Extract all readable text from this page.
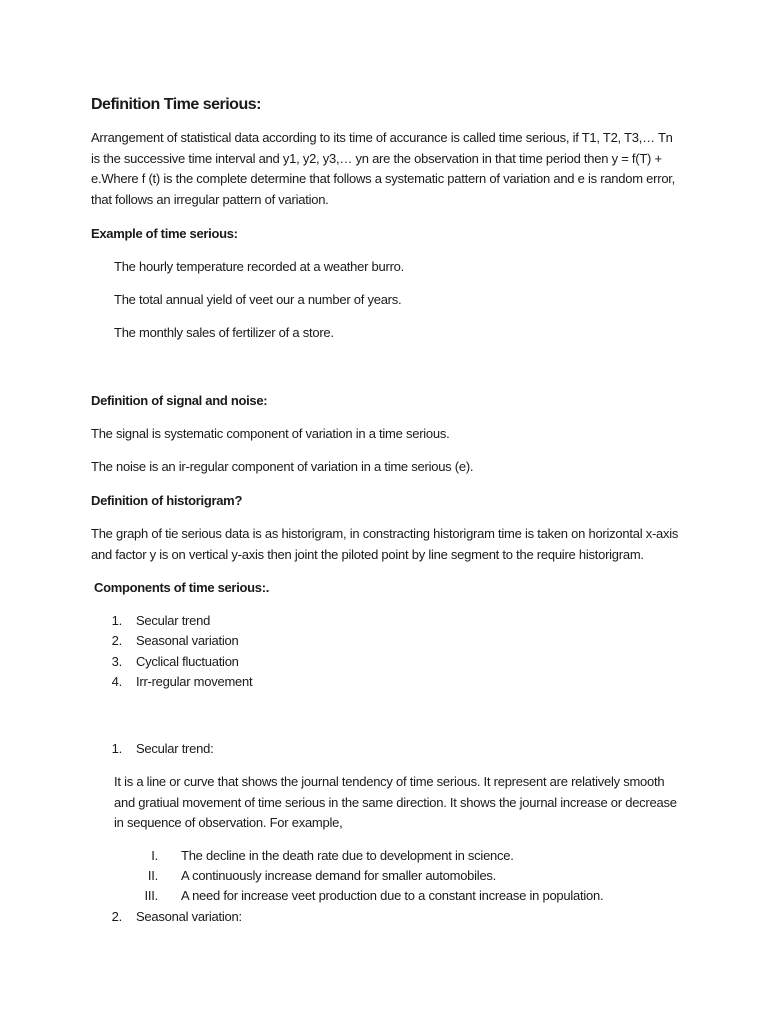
Definition Time serious:
Arrangement of statistical data according to its time of accurance is called time serious, if T1, T2, T3,… Tn
is the successive time interval and y1, y2, y3,… yn are the observation in that time period then y = f(T) +
e.Where f (t) is the complete determine that follows a systematic pattern of variation and e is random error,
that follows an irregular pattern of variation.
Example of time serious:
The hourly temperature recorded at a weather burro.
The total annual yield of veet our a number of years.
The monthly sales of fertilizer of a store.
Definition of signal and noise:
The signal is systematic component of variation in a time serious.
The noise is an ir-regular component of variation in a time serious (e).
Definition of historigram?
The graph of tie serious data is as historigram, in constracting historigram time is taken on horizontal x-axis
and factor y is on vertical y-axis then joint the piloted point by line segment to the require historigram.
Components of time serious:.
1. Secular trend
2. Seasonal variation
3. Cyclical fluctuation
4. Irr-regular movement
1. Secular trend:
It is a line or curve that shows the journal tendency of time serious. It represent are relatively smooth
and gratiual movement of time serious in the same direction. It shows the journal increase or decrease
in sequence of observation. For example,
I. The decline in the death rate due to development in science.
II. A continuously increase demand for smaller automobiles.
III. A need for increase veet production due to a constant increase in population.
2. Seasonal variation:
